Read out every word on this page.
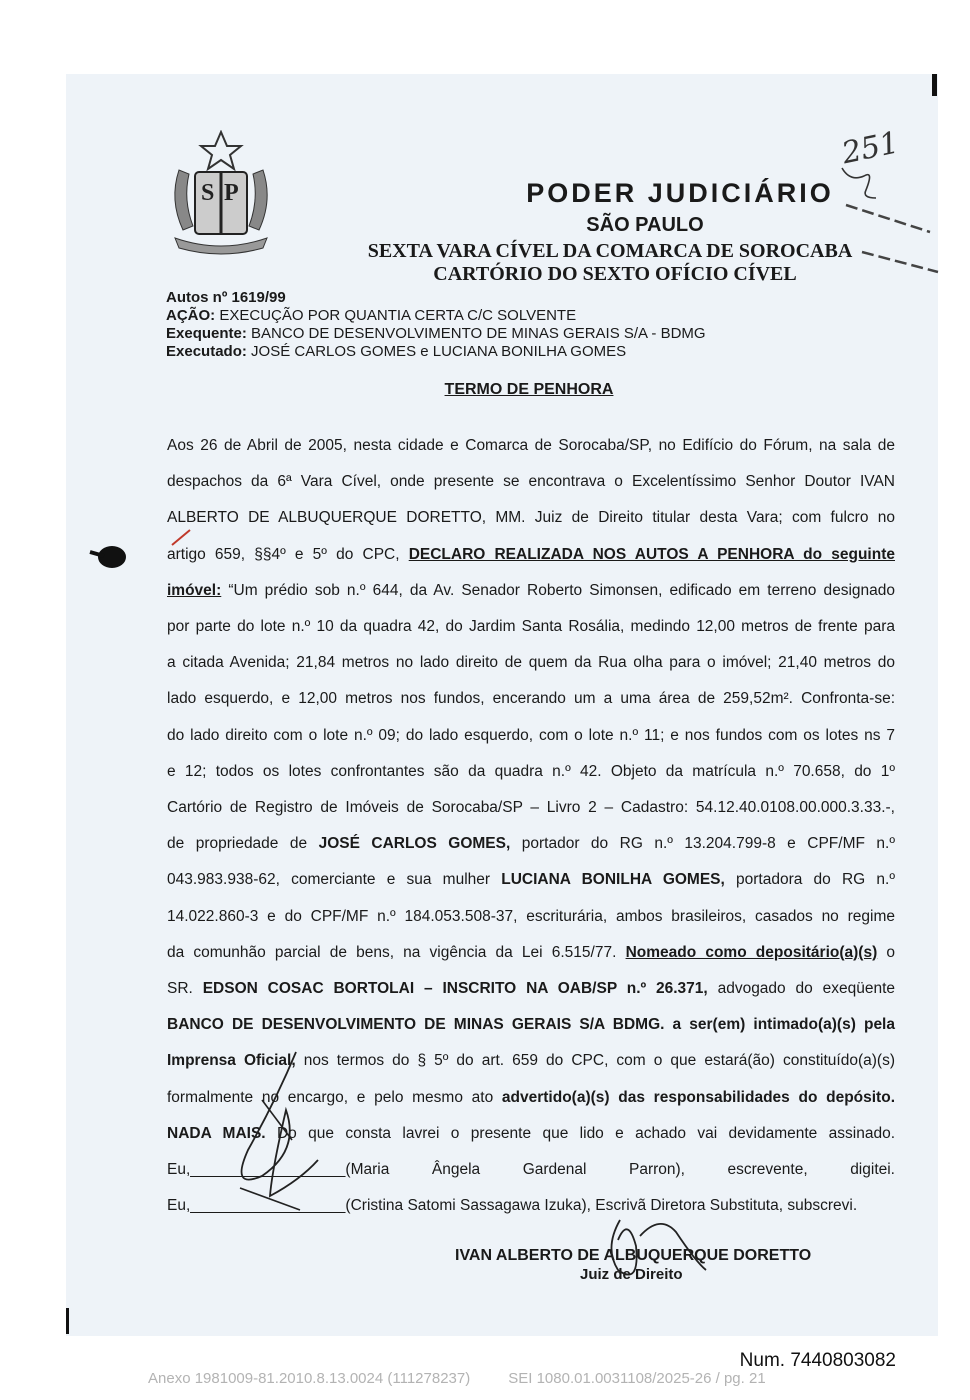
S P	PODER JUDICIÁRIO
SÃO PAULO
SEXTA VARA CÍVEL DA COMARCA DE SOROCABA
CARTÓRIO DO SEXTO OFÍCIO CÍVEL
Autos nº 1619/99
AÇÃO: EXECUÇÃO POR QUANTIA CERTA C/C SOLVENTE
Exequente: BANCO DE DESENVOLVIMENTO DE MINAS GERAIS S/A - BDMG
Executado: JOSÉ CARLOS GOMES e LUCIANA BONILHA GOMES
TERMO DE PENHORA
Aos 26 de Abril de 2005, nesta cidade e Comarca de Sorocaba/SP, no Edifício do Fórum, na sala de
despachos da 6ª Vara Cível, onde presente se encontrava o Excelentíssimo Senhor Doutor IVAN
ALBERTO DE ALBUQUERQUE DORETTO, MM. Juiz de Direito titular desta Vara; com fulcro no
artigo 659, §§4º e 5º do CPC, DECLARO REALIZADA NOS AUTOS A PENHORA do seguinte
imóvel: “Um prédio sob n.º 644, da Av. Senador Roberto Simonsen, edificado em terreno designado
por parte do lote n.º 10 da quadra 42, do Jardim Santa Rosália, medindo 12,00 metros de frente para
a citada Avenida; 21,84 metros no lado direito de quem da Rua olha para o imóvel; 21,40 metros do
lado esquerdo, e 12,00 metros nos fundos, encerando um a uma área de 259,52m². Confronta-se:
do lado direito com o lote n.º 09; do lado esquerdo, com o lote n.º 11; e nos fundos com os lotes ns 7
e 12; todos os lotes confrontantes são da quadra n.º 42. Objeto da matrícula n.º 70.658, do 1º
Cartório de Registro de Imóveis de Sorocaba/SP – Livro 2 – Cadastro: 54.12.40.0108.00.000.3.33.-,
de propriedade de JOSÉ CARLOS GOMES, portador do RG n.º 13.204.799-8 e CPF/MF n.º
043.983.938-62, comerciante e sua mulher LUCIANA BONILHA GOMES, portadora do RG n.º
14.022.860-3 e do CPF/MF n.º 184.053.508-37, escriturária, ambos brasileiros, casados no regime
da comunhão parcial de bens, na vigência da Lei 6.515/77. Nomeado como depositário(a)(s) o
SR. EDSON COSAC BORTOLAI – INSCRITO NA OAB/SP n.º 26.371, advogado do exeqüente
BANCO DE DESENVOLVIMENTO DE MINAS GERAIS S/A BDMG. a ser(em) intimado(a)(s) pela
Imprensa Oficial, nos termos do § 5º do art. 659 do CPC, com o que estará(ão) constituído(a)(s)
formalmente no encargo, e pelo mesmo ato advertido(a)(s) das responsabilidades do depósito.
NADA MAIS. Do que consta lavrei o presente que lido e achado vai devidamente assinado.
Eu,__________________(Maria	Ângela	Gardenal	Parron),	escrevente,	digitei.
Eu,__________________(Cristina Satomi Sassagawa Izuka), Escrivã Diretora Substituta, subscrevi.
IVAN ALBERTO DE ALBUQUERQUE DORETTO
Juiz de Direito
251
Num. 7440803082
Anexo 1981009-81.2010.8.13.0024 (111278237)	SEI 1080.01.0031108/2025-26 / pg. 21
